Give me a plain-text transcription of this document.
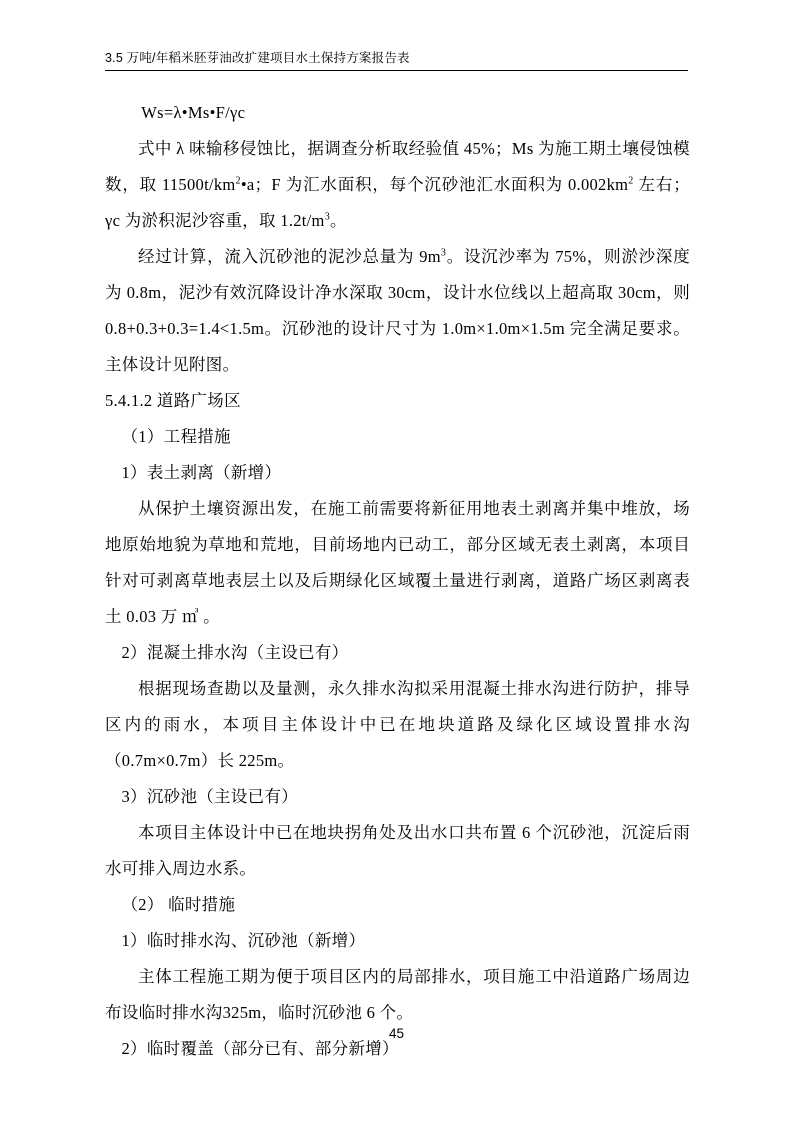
3.5 万吨/年稻米胚芽油改扩建项目水土保持方案报告表

Ws=λ•Ms•F/γc

式中 λ 味输移侵蚀比，据调查分析取经验值 45%；Ms 为施工期土壤侵蚀模数，取 $11500t/km^2•a$；F 为汇水面积，每个沉砂池汇水面积为 $0.002km^2$ 左右；γc 为淤积泥沙容重，取 $1.2t/m^3$。

经过计算，流入沉砂池的泥沙总量为 $9m^3$。设沉沙率为 75%，则淤沙深度为 0.8m，泥沙有效沉降设计净水深取 30cm，设计水位线以上超高取 30cm，则 0.8+0.3+0.3=1.4<1.5m。沉砂池的设计尺寸为 1.0m×1.0m×1.5m 完全满足要求。主体设计见附图。

5.4.1.2 道路广场区

（1）工程措施

1）表土剥离（新增）

从保护土壤资源出发，在施工前需要将新征用地表土剥离并集中堆放，场地原始地貌为草地和荒地，目前场地内已动工，部分区域无表土剥离，本项目针对可剥离草地表层土以及后期绿化区域覆土量进行剥离，道路广场区剥离表土 0.03 万 ㎥ 。

2）混凝土排水沟（主设已有）

根据现场查勘以及量测，永久排水沟拟采用混凝土排水沟进行防护，排导区内的雨水，本项目主体设计中已在地块道路及绿化区域设置排水沟（0.7m×0.7m）长 225m。

3）沉砂池（主设已有）

本项目主体设计中已在地块拐角处及出水口共布置 6 个沉砂池，沉淀后雨水可排入周边水系。

（2） 临时措施

1）临时排水沟、沉砂池（新增）

主体工程施工期为便于项目区内的局部排水，项目施工中沿道路广场周边布设临时排水沟325m，临时沉砂池 6 个。

2）临时覆盖（部分已有、部分新增）

45
